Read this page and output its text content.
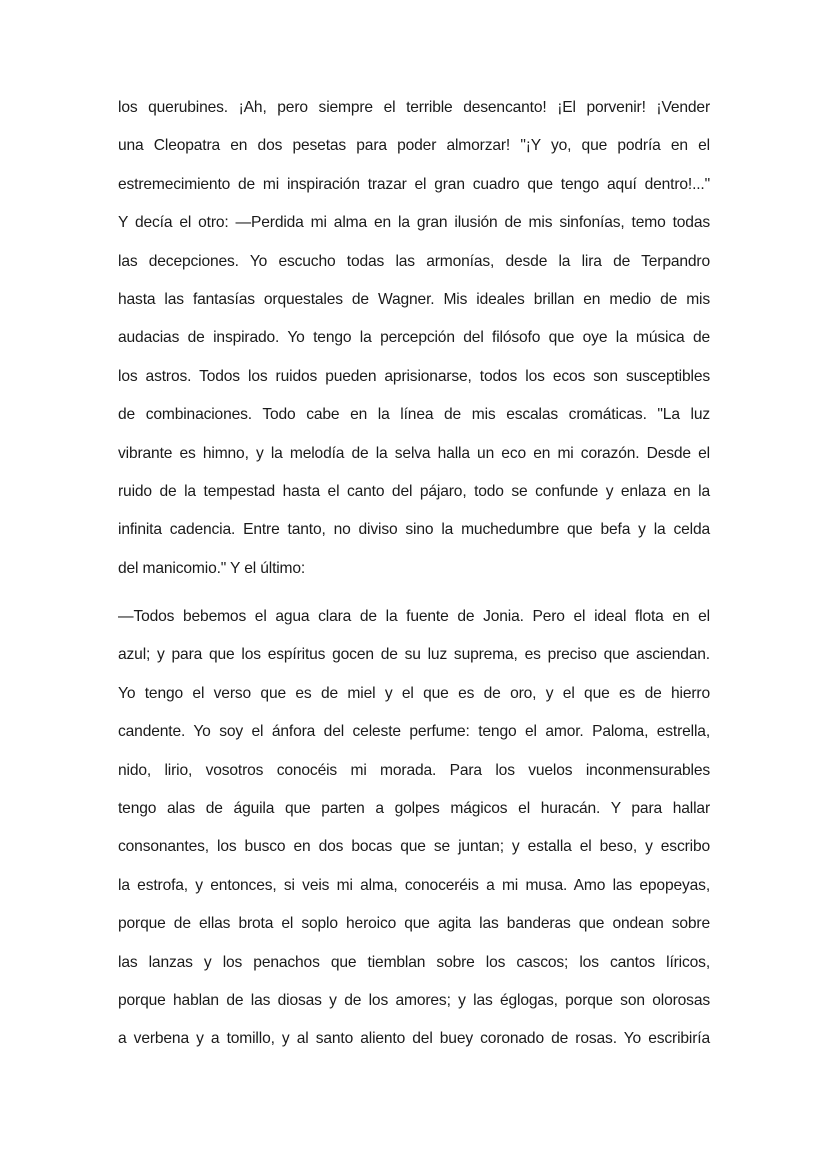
los querubines. ¡Ah, pero siempre el terrible desencanto! ¡El porvenir! ¡Vender
una Cleopatra en dos pesetas para poder almorzar! "¡Y yo, que podría en el
estremecimiento de mi inspiración trazar el gran cuadro que tengo aquí dentro!..."
Y decía el otro: —Perdida mi alma en la gran ilusión de mis sinfonías, temo todas
las decepciones. Yo escucho todas las armonías, desde la lira de Terpandro
hasta las fantasías orquestales de Wagner. Mis ideales brillan en medio de mis
audacias de inspirado. Yo tengo la percepción del filósofo que oye la música de
los astros. Todos los ruidos pueden aprisionarse, todos los ecos son susceptibles
de combinaciones. Todo cabe en la línea de mis escalas cromáticas. "La luz
vibrante es himno, y la melodía de la selva halla un eco en mi corazón. Desde el
ruido de la tempestad hasta el canto del pájaro, todo se confunde y enlaza en la
infinita cadencia. Entre tanto, no diviso sino la muchedumbre que befa y la celda
del manicomio." Y el último:

—Todos bebemos el agua clara de la fuente de Jonia. Pero el ideal flota en el
azul; y para que los espíritus gocen de su luz suprema, es preciso que asciendan.
Yo tengo el verso que es de miel y el que es de oro, y el que es de hierro
candente. Yo soy el ánfora del celeste perfume: tengo el amor. Paloma, estrella,
nido, lirio, vosotros conocéis mi morada. Para los vuelos inconmensurables
tengo alas de águila que parten a golpes mágicos el huracán. Y para hallar
consonantes, los busco en dos bocas que se juntan; y estalla el beso, y escribo
la estrofa, y entonces, si veis mi alma, conoceréis a mi musa. Amo las epopeyas,
porque de ellas brota el soplo heroico que agita las banderas que ondean sobre
las lanzas y los penachos que tiemblan sobre los cascos; los cantos líricos,
porque hablan de las diosas y de los amores; y las églogas, porque son olorosas
a verbena y a tomillo, y al santo aliento del buey coronado de rosas. Yo escribiría
